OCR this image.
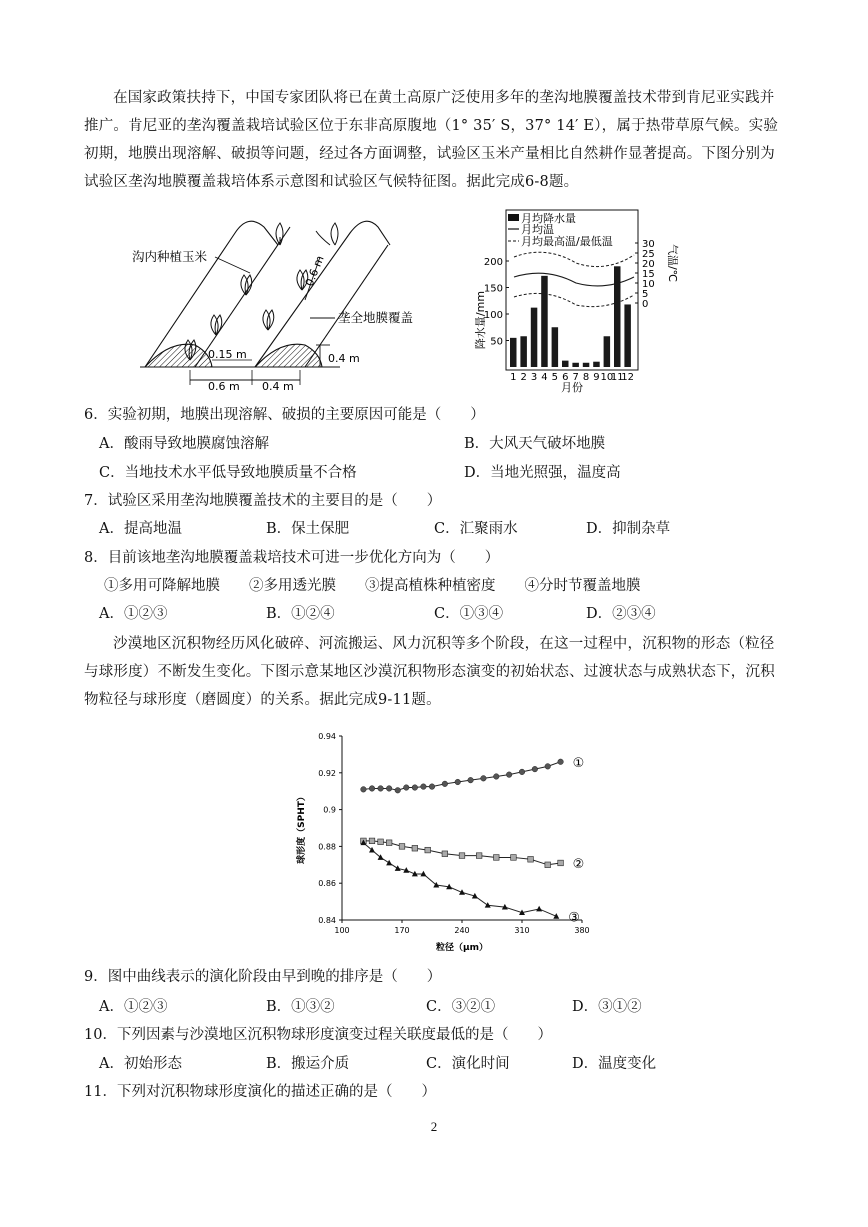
在国家政策扶持下，中国专家团队将已在黄土高原广泛使用多年的垄沟地膜覆盖技术带到肯尼亚实践并推广。肯尼亚的垄沟覆盖栽培试验区位于东非高原腹地（1° 35′ S，37° 14′ E），属于热带草原气候。实验初期，地膜出现溶解、破损等问题，经过各方面调整，试验区玉米产量相比自然耕作显著提高。下图分别为试验区垄沟地膜覆盖栽培体系示意图和试验区气候特征图。据此完成6-8题。

沟内种植玉米
垄全地膜覆盖
0.6 m
0.15 m
0.6 m 0.4 m
0.4 m
月均降水量
月均温
月均最高温/最低温
1 2 3 4 5 6 7 8 9 10
11
12
50
100
150
200
0
5
10
15
20
25
30
降水量/mm
气温/℃
月份
6．实验初期，地膜出现溶解、破损的主要原因可能是（　　）
A．酸雨导致地膜腐蚀溶解	B．大风天气破坏地膜
C．当地技术水平低导致地膜质量不合格	D．当地光照强，温度高
7．试验区采用垄沟地膜覆盖技术的主要目的是（　　）
A．提高地温	B．保土保肥	C．汇聚雨水	D．抑制杂草
8．目前该地垄沟地膜覆盖栽培技术可进一步优化方向为（　　）
①多用可降解地膜　　②多用透光膜　　③提高植株种植密度　　④分时节覆盖地膜
A．①②③	B．①②④	C．①③④	D．②③④

沙漠地区沉积物经历风化破碎、河流搬运、风力沉积等多个阶段，在这一过程中，沉积物的形态（粒径与球形度）不断发生变化。下图示意某地区沙漠沉积物形态演变的初始状态、过渡状态与成熟状态下，沉积物粒径与球形度（磨圆度）的关系。据此完成9-11题。

100	170	240	310	380
0.84
0.86
0.88
0.9
0.92
0.94
①
②
③
粒径（μm）
球形度（SPHT）
9．图中曲线表示的演化阶段由早到晚的排序是（　　）
A．①②③	B．①③②	C．③②①	D．③①②
10．下列因素与沙漠地区沉积物球形度演变过程关联度最低的是（　　）
A．初始形态	B．搬运介质	C．演化时间	D．温度变化
11．下列对沉积物球形度演化的描述正确的是（　　）
2
